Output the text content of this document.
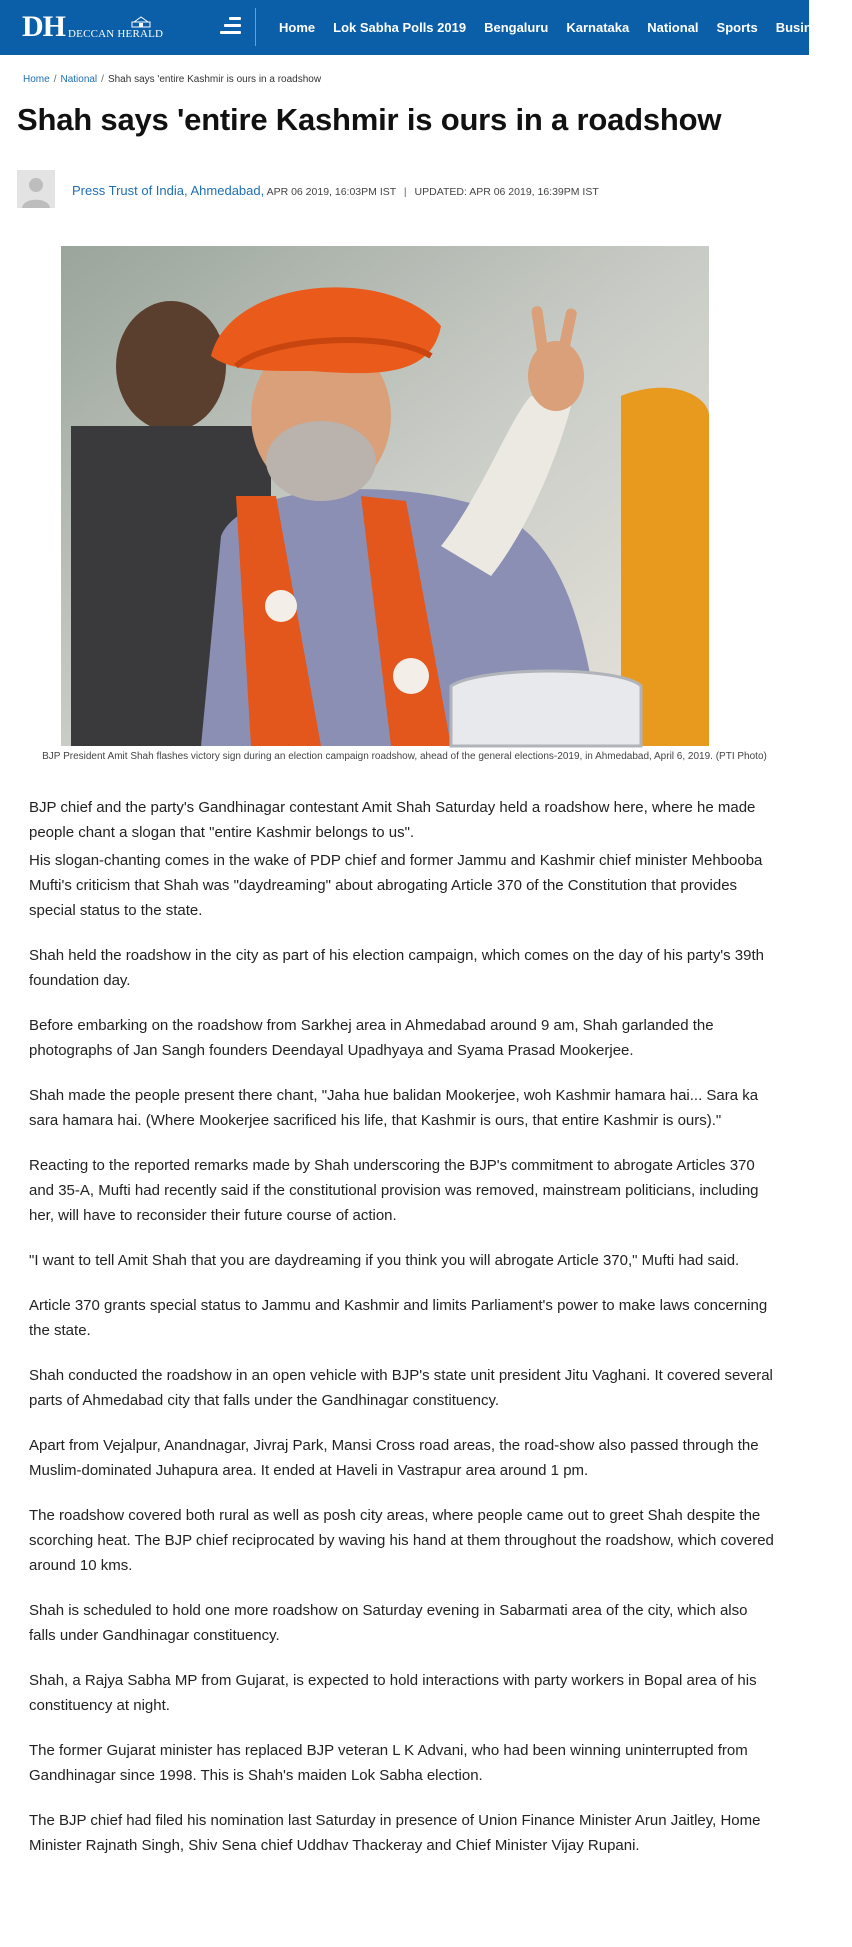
DH DECCAN HERALD	Home Lok Sabha Polls 2019 Bengaluru Karnataka National Sports Business
Home / National / Shah says 'entire Kashmir is ours in a roadshow
Shah says 'entire Kashmir is ours in a roadshow
Press Trust of India, Ahmedabad, APR 06 2019, 16:03PM IST | UPDATED: APR 06 2019, 16:39PM IST
BJP President Amit Shah flashes victory sign during an election campaign roadshow, ahead of the general elections-2019, in Ahmedabad, April 6, 2019. (PTI Photo)

BJP chief and the party's Gandhinagar contestant Amit Shah Saturday held a roadshow here, where he made people chant a slogan that "entire Kashmir belongs to us".

His slogan-chanting comes in the wake of PDP chief and former Jammu and Kashmir chief minister Mehbooba Mufti's criticism that Shah was "daydreaming" about abrogating Article 370 of the Constitution that provides special status to the state.

Shah held the roadshow in the city as part of his election campaign, which comes on the day of his party's 39th foundation day.

Before embarking on the roadshow from Sarkhej area in Ahmedabad around 9 am, Shah garlanded the photographs of Jan Sangh founders Deendayal Upadhyaya and Syama Prasad Mookerjee.

Shah made the people present there chant, "Jaha hue balidan Mookerjee, woh Kashmir hamara hai... Sara ka sara hamara hai. (Where Mookerjee sacrificed his life, that Kashmir is ours, that entire Kashmir is ours)."

Reacting to the reported remarks made by Shah underscoring the BJP's commitment to abrogate Articles 370 and 35-A, Mufti had recently said if the constitutional provision was removed, mainstream politicians, including her, will have to reconsider their future course of action.

"I want to tell Amit Shah that you are daydreaming if you think you will abrogate Article 370," Mufti had said.

Article 370 grants special status to Jammu and Kashmir and limits Parliament's power to make laws concerning the state.

Shah conducted the roadshow in an open vehicle with BJP's state unit president Jitu Vaghani. It covered several parts of Ahmedabad city that falls under the Gandhinagar constituency.

Apart from Vejalpur, Anandnagar, Jivraj Park, Mansi Cross road areas, the road-show also passed through the Muslim-dominated Juhapura area. It ended at Haveli in Vastrapur area around 1 pm.

The roadshow covered both rural as well as posh city areas, where people came out to greet Shah despite the scorching heat. The BJP chief reciprocated by waving his hand at them throughout the roadshow, which covered around 10 kms.

Shah is scheduled to hold one more roadshow on Saturday evening in Sabarmati area of the city, which also falls under Gandhinagar constituency.

Shah, a Rajya Sabha MP from Gujarat, is expected to hold interactions with party workers in Bopal area of his constituency at night.

The former Gujarat minister has replaced BJP veteran L K Advani, who had been winning uninterrupted from Gandhinagar since 1998. This is Shah's maiden Lok Sabha election.

The BJP chief had filed his nomination last Saturday in presence of Union Finance Minister Arun Jaitley, Home Minister Rajnath Singh, Shiv Sena chief Uddhav Thackeray and Chief Minister Vijay Rupani.
